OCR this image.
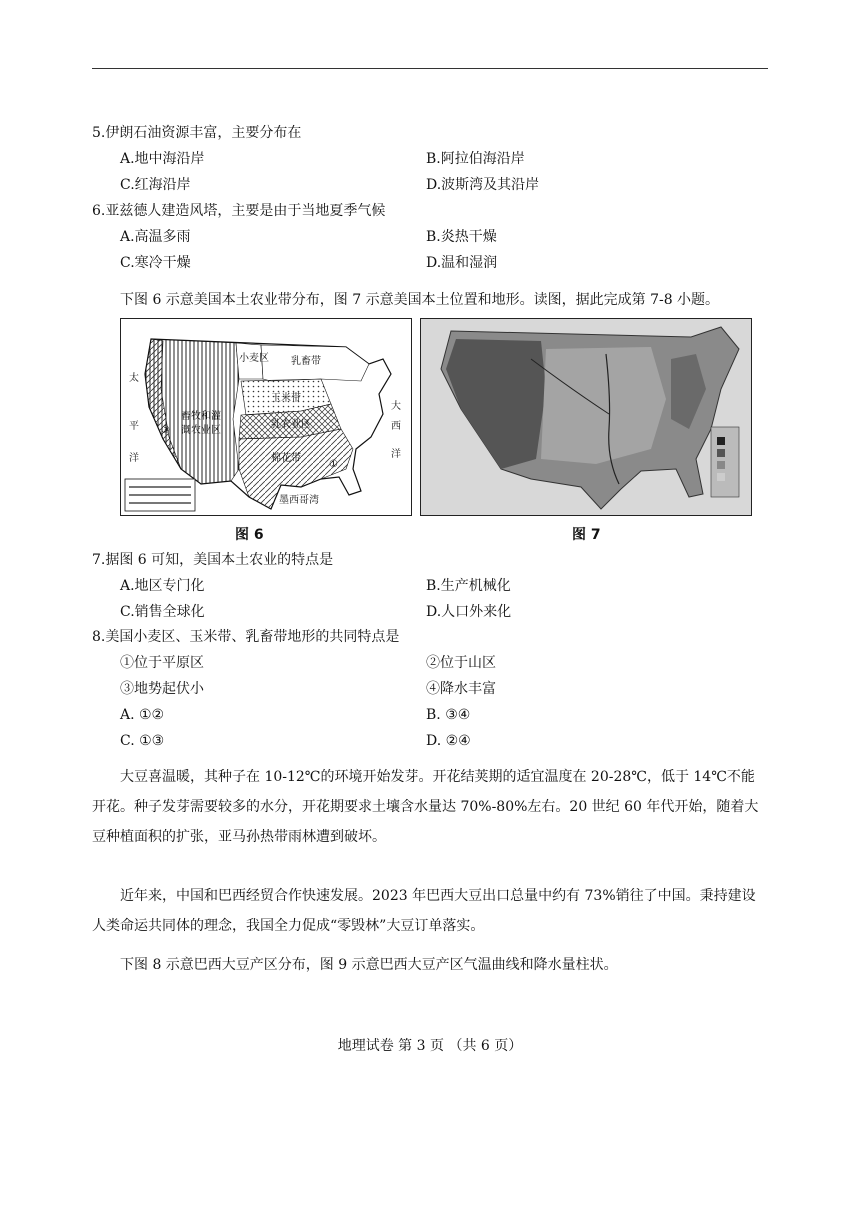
5.伊朗石油资源丰富，主要分布在
A.地中海沿岸	B.阿拉伯海沿岸
C.红海沿岸	D.波斯湾及其沿岸
6.亚兹德人建造风塔，主要是由于当地夏季气候
A.高温多雨	B.炎热干燥
C.寒冷干燥	D.温和湿润
下图 6 示意美国本土农业带分布，图 7 示意美国本土位置和地形。读图，据此完成第 7-8 小题。
太
平
洋
大
西
洋
小麦区 乳畜带
玉米带
畜牧和灌
溉农业区
③
乳农业区
棉花带
①
墨西哥湾
图 6	图 7
7.据图 6 可知，美国本土农业的特点是
A.地区专门化	B.生产机械化
C.销售全球化	D.人口外来化
8.美国小麦区、玉米带、乳畜带地形的共同特点是
①位于平原区	②位于山区
③地势起伏小	④降水丰富
A. ①②	B. ③④
C. ①③	D. ②④
大豆喜温暖，其种子在 10-12℃的环境开始发芽。开花结荚期的适宜温度在 20-28℃，低于 14℃不能开花。种子发芽需要较多的水分，开花期要求土壤含水量达 70%-80%左右。20 世纪 60 年代开始，随着大豆种植面积的扩张，亚马孙热带雨林遭到破坏。
近年来，中国和巴西经贸合作快速发展。2023 年巴西大豆出口总量中约有 73%销往了中国。秉持建设人类命运共同体的理念，我国全力促成“零毁林”大豆订单落实。
下图 8 示意巴西大豆产区分布，图 9 示意巴西大豆产区气温曲线和降水量柱状。
地理试卷 第 3 页 （共 6 页）
